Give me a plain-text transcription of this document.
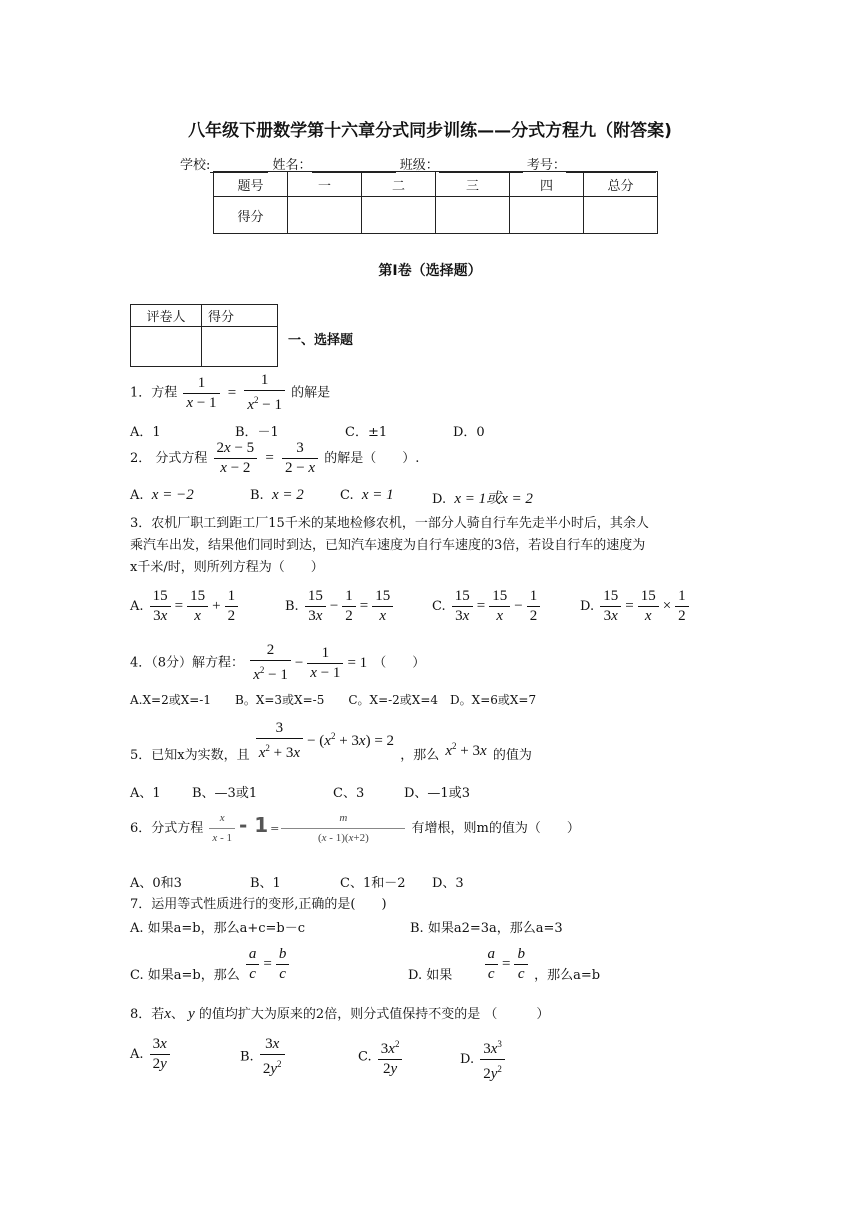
八年级下册数学第十六章分式同步训练——分式方程九（附答案)
学校:	姓名：	班级：	考号：
题号	一	二	三	四	总分
得分					
第Ⅰ卷（选择题）
评卷人	得分

一、选择题
1．方程 $\frac{1}{x - 1} = \frac{1}{x^2 - 1}$ 的解是
A．1	B．－1	C．±1	D．0
2． 分式方程 $\frac{2x - 5}{x - 2} = \frac{3}{2 - x}$ 的解是（　　）.
A. x = −2	B. x = 2	C. x = 1	D. x = 1或x = 2
3．农机厂职工到距工厂15千米的某地检修农机，一部分人骑自行车先走半小时后，其余人
乘汽车出发，结果他们同时到达，已知汽车速度为自行车速度的3倍，若设自行车的速度为
x千米/时，则所列方程为（　　）
A. $\frac{15}{3x} = \frac{15}{x} + \frac{1}{2}$	B. $\frac{15}{3x} - \frac{1}{2} = \frac{15}{x}$	C. $\frac{15}{3x} = \frac{15}{x} - \frac{1}{2}$	D. $\frac{15}{3x} = \frac{15}{x} \times \frac{1}{2}$
4．（8分）解方程： $\frac{2}{x^2 - 1} - \frac{1}{x - 1} = 1$ （　　）
A.X=2或X=-1　　B。X=3或X=-5　　C。X=-2或X=4　D。X=6或X=7
5．已知x为实数，且 $\frac{3}{x^2 + 3x} - (x^2 + 3x) = 2$ ，那么 $x^2 + 3x$ 的值为
A、1 B、—3或1	C、3	D、—1或3
6．分式方程 $\frac{x}{x - 1} - 1 = \frac{m}{(x - 1)(x+2)}$ 有增根，则m的值为（　　）
A、0和3	B、1	C、1和－2 D、3
7．运用等式性质进行的变形,正确的是(　　)
A. 如果a=b，那么a+c=b－c	B. 如果a2=3a，那么a=3
C. 如果a=b，那么 $\frac{a}{c} = \frac{b}{c}$	D. 如果 $\frac{a}{c} = \frac{b}{c}$ ，那么a=b
8．若x、 y 的值均扩大为原来的2倍，则分式值保持不变的是 （　　　）
A. $\frac{3x}{2y}$	B. $\frac{3x}{2y^2}$	C. $\frac{3x^2}{2y}$	D. $\frac{3x^3}{2y^2}$
